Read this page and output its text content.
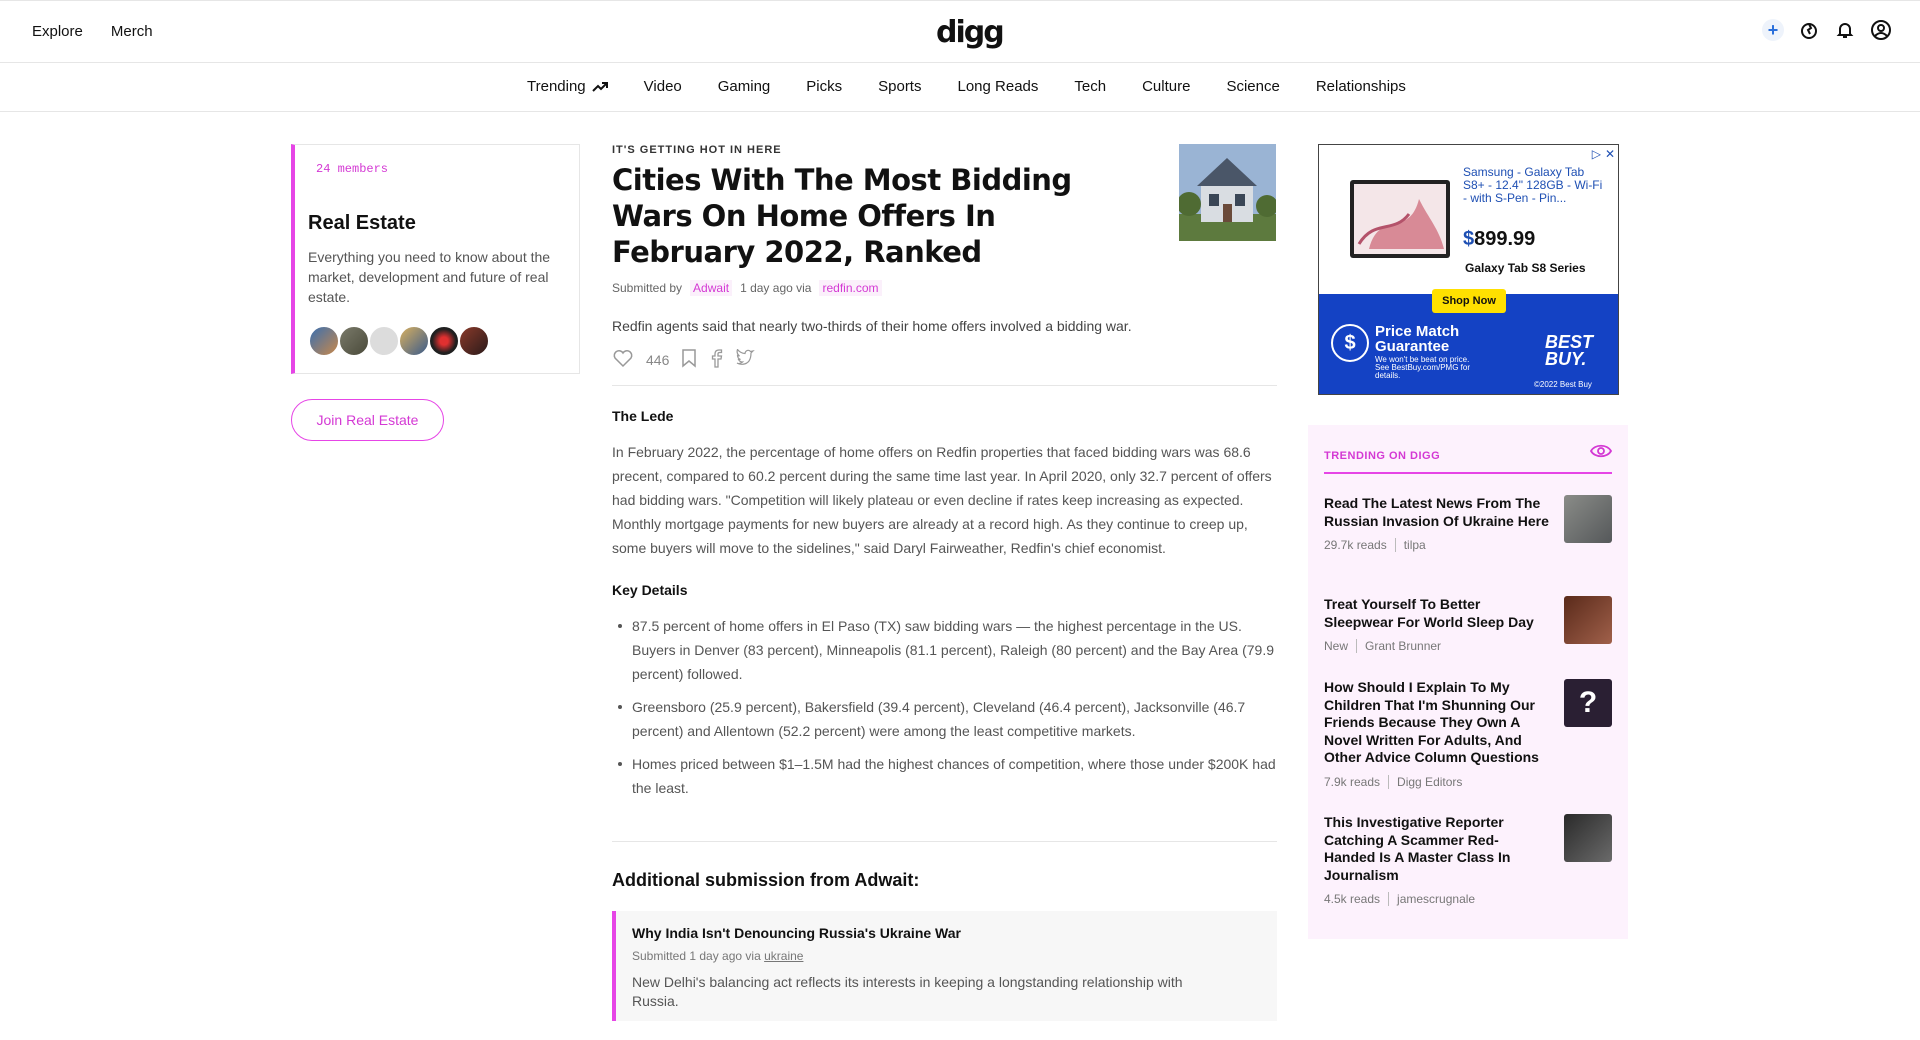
Explore Merch	digg	+
Trending	Video Gaming Picks Sports Long Reads Tech Culture Science Relationships
24 members
Real Estate
Everything you need to know about the market, development and future of real estate.
Join Real Estate
IT'S GETTING HOT IN HERE
Cities With The Most Bidding Wars On Home Offers In February 2022, Ranked
Submitted by Adwait 1 day ago via redfin.com

Redfin agents said that nearly two-thirds of their home offers involved a bidding war.

446
The Lede

In February 2022, the percentage of home offers on Redfin properties that faced bidding wars was 68.6 precent, compared to 60.2 percent during the same time last year. In April 2020, only 32.7 percent of offers had bidding wars. "Competition will likely plateau or even decline if rates keep increasing as expected. Monthly mortgage payments for new buyers are already at a record high. As they continue to creep up, some buyers will move to the sidelines," said Daryl Fairweather, Redfin's chief economist.

Key Details
87.5 percent of home offers in El Paso (TX) saw bidding wars — the highest percentage in the US. Buyers in Denver (83 percent), Minneapolis (81.1 percent), Raleigh (80 percent) and the Bay Area (79.9 percent) followed.
Greensboro (25.9 percent), Bakersfield (39.4 percent), Cleveland (46.4 percent), Jacksonville (46.7 percent) and Allentown (52.2 percent) were among the least competitive markets.
Homes priced between $1–1.5M had the highest chances of competition, where those under $200K had the least.
Additional submission from Adwait:
Why India Isn't Denouncing Russia's Ukraine War
Submitted 1 day ago via ukraine
New Delhi's balancing act reflects its interests in keeping a longstanding relationship with Russia.
Samsung - Galaxy Tab S8+ - 12.4" 128GB - Wi-Fi - with S-Pen - Pin...
$899.99
Galaxy Tab S8 Series
▷ ✕
$
Price Match Guarantee
We won't be beat on price. See BestBuy.com/PMG for details.
BEST BUY.
©2022 Best Buy
Shop Now
TRENDING ON DIGG
Read The Latest News From The Russian Invasion Of Ukraine Here
29.7k reads tilpa
Treat Yourself To Better Sleepwear For World Sleep Day
New Grant Brunner
How Should I Explain To My Children That I'm Shunning Our Friends Because They Own A Novel Written For Adults, And Other Advice Column Questions
7.9k reads Digg Editors
?
This Investigative Reporter Catching A Scammer Red-Handed Is A Master Class In Journalism
4.5k reads jamescrugnale
